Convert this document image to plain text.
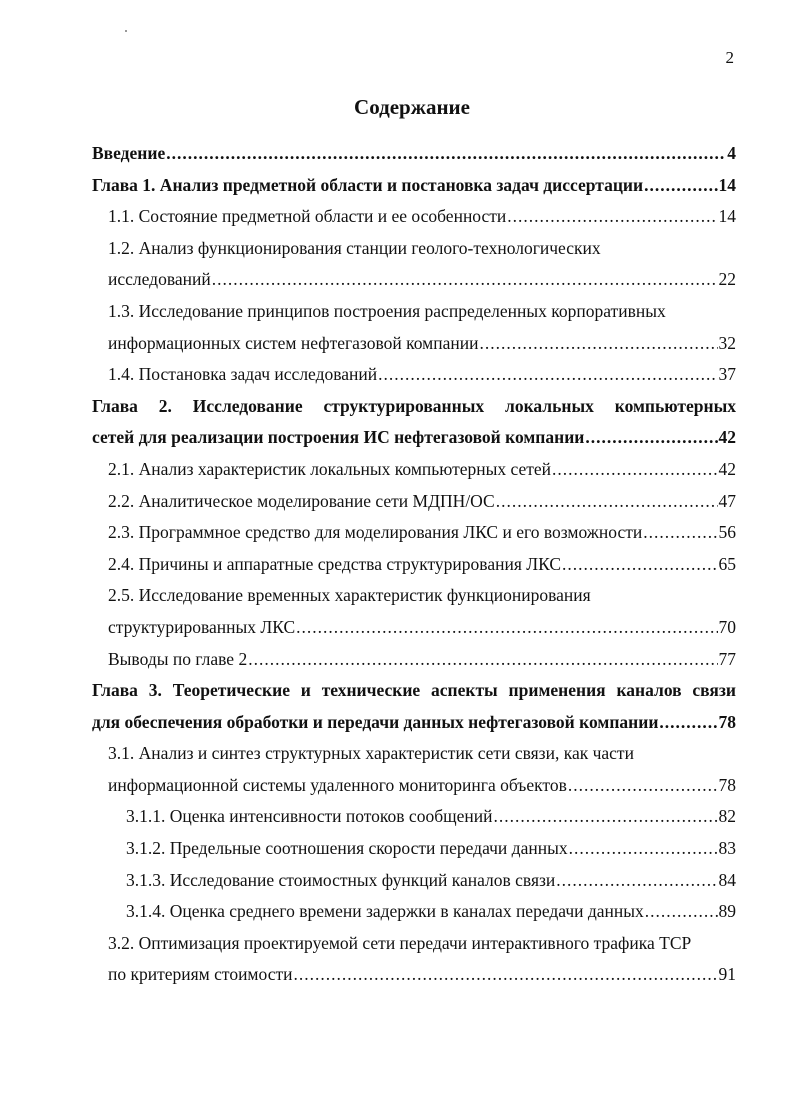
2
Содержание
Введение .....	4
Глава 1. Анализ предметной области и постановка задач диссертации .....	14
1.1. Состояние предметной области и ее особенности .....	14
1.2. Анализ функционирования станции геолого-технологических
исследований .....	22
1.3. Исследование принципов построения распределенных корпоративных
информационных систем нефтегазовой компании .....	32
1.4. Постановка задач исследований .....	37
Глава 2. Исследование структурированных локальных компьютерных
сетей для реализации построения ИС нефтегазовой компании .....	42
2.1. Анализ характеристик локальных компьютерных сетей .....	42
2.2. Аналитическое моделирование сети МДПН/ОС .....	47
2.3. Программное средство для моделирования ЛКС и его возможности .....	56
2.4. Причины и аппаратные средства структурирования ЛКС .....	65
2.5. Исследование временных характеристик функционирования
структурированных ЛКС .....	70
Выводы по главе 2 .....	77
Глава 3. Теоретические и технические аспекты применения каналов связи
для обеспечения обработки и передачи данных нефтегазовой компании .....	78
3.1. Анализ и синтез структурных характеристик сети связи, как части
информационной системы удаленного мониторинга объектов .....	78
3.1.1. Оценка интенсивности потоков сообщений .....	82
3.1.2. Предельные соотношения скорости передачи данных .....	83
3.1.3. Исследование стоимостных функций каналов связи .....	84
3.1.4. Оценка среднего времени задержки в каналах передачи данных .....	89
3.2. Оптимизация проектируемой сети передачи интерактивного трафика TCP
по критериям стоимости .....	91
